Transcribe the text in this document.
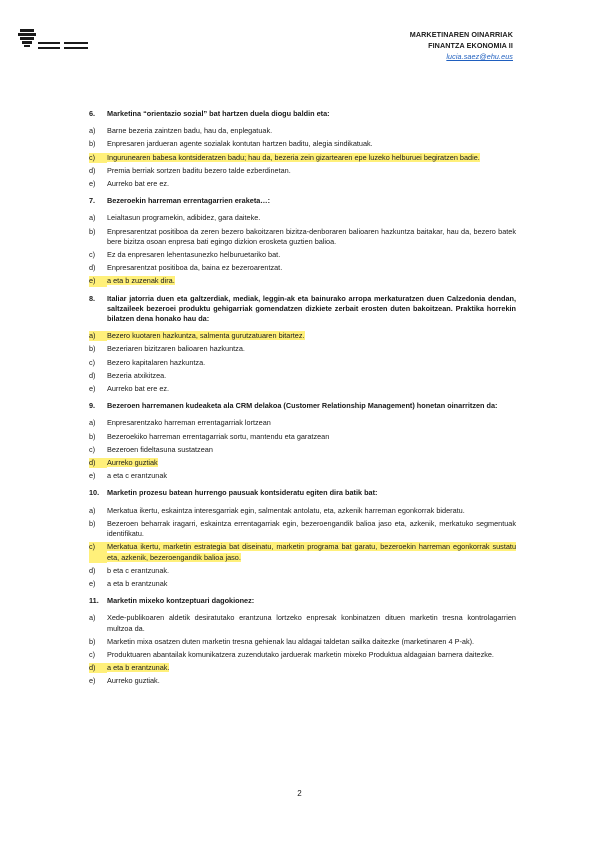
MARKETINAREN OINARRIAK
FINANTZA EKONOMIA II
lucia.saez@ehu.eus
6.	Marketina “orientazio sozial” bat hartzen duela diogu baldin eta:
a)	Barne bezeria zaintzen badu, hau da, enplegatuak.
b)	Enpresaren jardueran agente sozialak kontutan hartzen baditu, alegia sindikatuak.
c)	Ingurunearen babesa kontsideratzen badu; hau da, bezeria zein gizartearen epe luzeko helburuei begiratzen badie.
d)	Premia berriak sortzen baditu bezero talde ezberdinetan.
e)	Aurreko bat ere ez.
7.	Bezeroekin harreman errentagarrien eraketa…:
a)	Leialtasun programekin, adibidez, gara daiteke.
b)	Enpresarentzat positiboa da zeren bezero bakoitzaren bizitza-denboraren balioaren hazkuntza baitakar, hau da, bezero batek bere bizitza osoan enpresa bati egingo dizkion erosketa guztien balioa.
c)	Ez da enpresaren lehentasunezko helburuetariko bat.
d)	Enpresarentzat positiboa da, baina ez bezeroarentzat.
e)	a eta b zuzenak dira.
8.	Italiar jatorria duen eta galtzerdiak, mediak, leggin-ak eta bainurako arropa merkaturatzen duen Calzedonia dendan, saltzaileek bezeroei produktu gehigarriak gomendatzen dizkiete zerbait erosten duten bakoitzean. Praktika horrekin bilatzen dena honako hau da:
a)	Bezero kuotaren hazkuntza, salmenta gurutzatuaren bitartez.
b)	Bezeriaren bizitzaren balioaren hazkuntza.
c)	Bezero kapitalaren hazkuntza.
d)	Bezeria atxikitzea.
e)	Aurreko bat ere ez.
9.	Bezeroen harremanen kudeaketa ala CRM delakoa (Customer Relationship Management) honetan oinarritzen da:
a)	Enpresarentzako harreman errentagarriak lortzean
b)	Bezeroekiko harreman errentagarriak sortu, mantendu eta garatzean
c)	Bezeroen fideltasuna sustatzean
d)	Aurreko guztiak
e)	a eta c erantzunak
10.	Marketin prozesu batean hurrengo pausuak kontsideratu egiten dira batik bat:
a)	Merkatua ikertu, eskaintza interesgarriak egin, salmentak antolatu, eta, azkenik harreman egonkorrak bideratu.
b)	Bezeroen beharrak iragarri, eskaintza errentagarriak egin, bezeroengandik balioa jaso eta, azkenik, merkatuko segmentuak identifikatu.
c)	Merkatua ikertu, marketin estrategia bat diseinatu, marketin programa bat garatu, bezeroekin harreman egonkorrak sustatu eta, azkenik, bezeroengandik balioa jaso.
d)	b eta c erantzunak.
e)	a eta b erantzunak
11.	Marketin mixeko kontzeptuari dagokionez:
a)	Xede-publikoaren aldetik desiratutako erantzuna lortzeko enpresak konbinatzen dituen marketin tresna kontrolagarrien multzoa da.
b)	Marketin mixa osatzen duten marketin tresna gehienak lau aldagai taldetan sailka daitezke (marketinaren 4 P-ak).
c)	Produktuaren abantailak komunikatzera zuzendutako jarduerak marketin mixeko Produktua aldagaian barnera daitezke.
d)	a eta b erantzunak.
e)	Aurreko guztiak.
2
